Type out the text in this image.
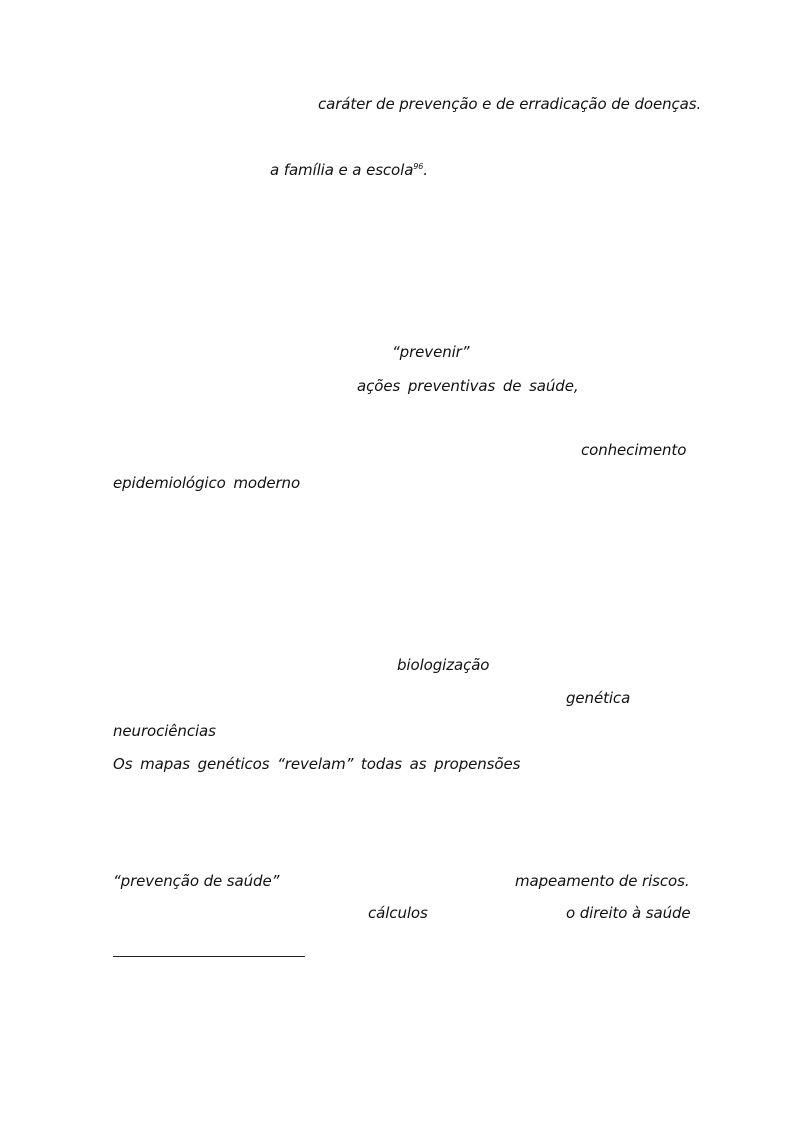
caráter de prevenção e de erradicação de doenças.
a família e a escola$^{96}$.
“prevenir”
ações preventivas de saúde,
conhecimento
epidemiológico moderno
biologização
genética
neurociências
Os mapas genéticos “revelam” todas as propensões
“prevenção de saúde”	mapeamento de riscos.
cálculos	o direito à saúde
